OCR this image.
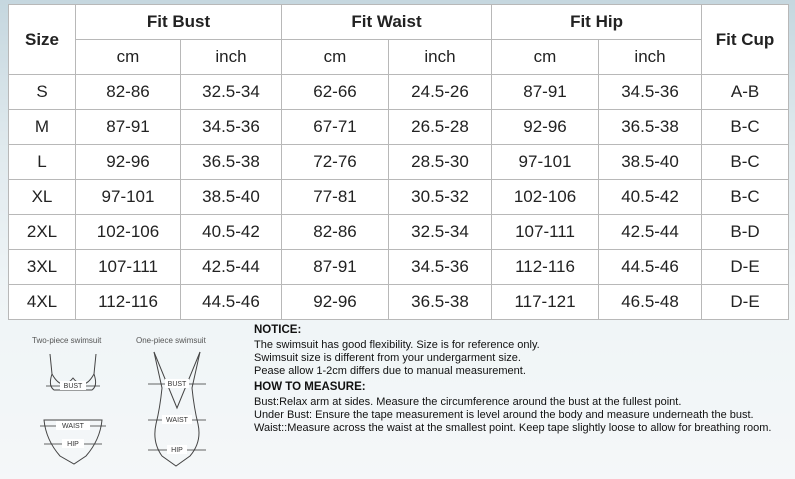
Size	Fit Bust		Fit Waist		Fit Hip		Fit Cup
	cm	inch	cm	inch	cm	inch	
S	82-86	32.5-34	62-66	24.5-26	87-91	34.5-36	A-B
M	87-91	34.5-36	67-71	26.5-28	92-96	36.5-38	B-C
L	92-96	36.5-38	72-76	28.5-30	97-101	38.5-40	B-C
XL	97-101	38.5-40	77-81	30.5-32	102-106	40.5-42	B-C
2XL	102-106	40.5-42	82-86	32.5-34	107-111	42.5-44	B-D
3XL	107-111	42.5-44	87-91	34.5-36	112-116	44.5-46	D-E
4XL	112-116	44.5-46	92-96	36.5-38	117-121	46.5-48	D-E
Two-piece swimsuit	One-piece swimsuit
BUST
WAIST
HIP
BUST
WAIST
HIP
NOTICE:
The swimsuit has good flexibility. Size is for reference only.
Swimsuit size is different from your undergarment size.
Pease allow 1-2cm differs due to manual measurement.
HOW TO MEASURE:
Bust:Relax arm at sides. Measure the circumference around the bust at the fullest point.
Under Bust: Ensure the tape measurement is level around the body and measure underneath the bust.
Waist::Measure across the waist at the smallest point. Keep tape slightly loose to allow for breathing room.
